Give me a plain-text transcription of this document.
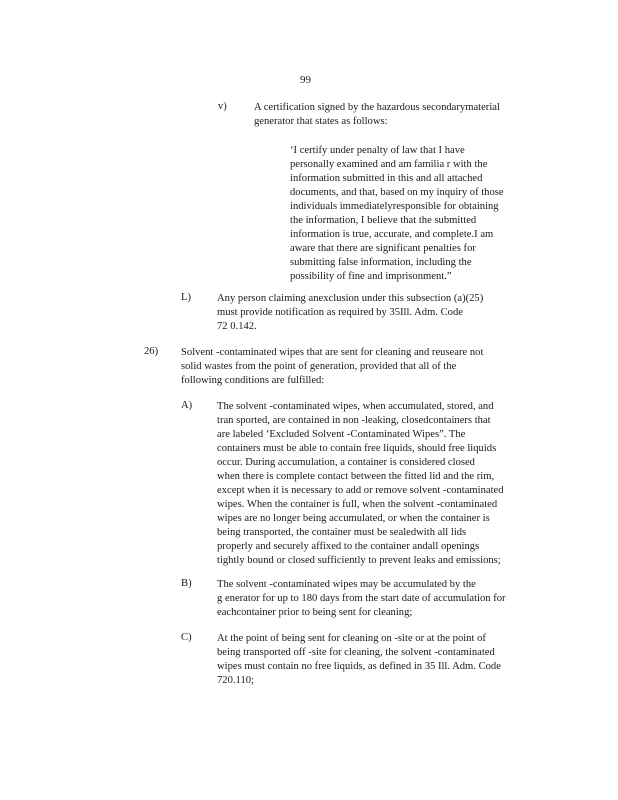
99
v)	A certification signed by the hazardous secondarymaterial
generator that states as follows:
‘I certify under penalty of law that I have
personally examined and am familia r with the
information submitted in this and all attached
documents, and that, based on my inquiry of those
individuals immediatelyresponsible for obtaining
the information, I believe that the submitted
information is true, accurate, and complete.I am
aware that there are significant penalties for
submitting false information, including the
possibility of fine and imprisonment.”
L) Any person claiming anexclusion under this subsection (a)(25)
must provide notification as required by 35Ill. Adm. Code
72 0.142.
26) Solvent -contaminated wipes that are sent for cleaning and reuseare not
solid wastes from the point of generation, provided that all of the
following conditions are fulfilled:
A) The solvent -contaminated wipes, when accumulated, stored, and
tran sported, are contained in non -leaking, closedcontainers that
are labeled ‘Excluded Solvent -Contaminated Wipes”. The
containers must be able to contain free liquids, should free liquids
occur. During accumulation, a container is considered closed
when there is complete contact between the fitted lid and the rim,
except when it is necessary to add or remove solvent -contaminated
wipes. When the container is full, when the solvent -contaminated
wipes are no longer being accumulated, or when the container is
being transported, the container must be sealedwith all lids
properly and securely affixed to the container andall openings
tightly bound or closed sufficiently to prevent leaks and emissions;
B) The solvent -contaminated wipes may be accumulated by the
g enerator for up to 180 days from the start date of accumulation for
eachcontainer prior to being sent for cleaning;
C) At the point of being sent for cleaning on -site or at the point of
being transported off -site for cleaning, the solvent -contaminated
wipes must contain no free liquids, as defined in 35 Ill. Adm. Code
720.110;
